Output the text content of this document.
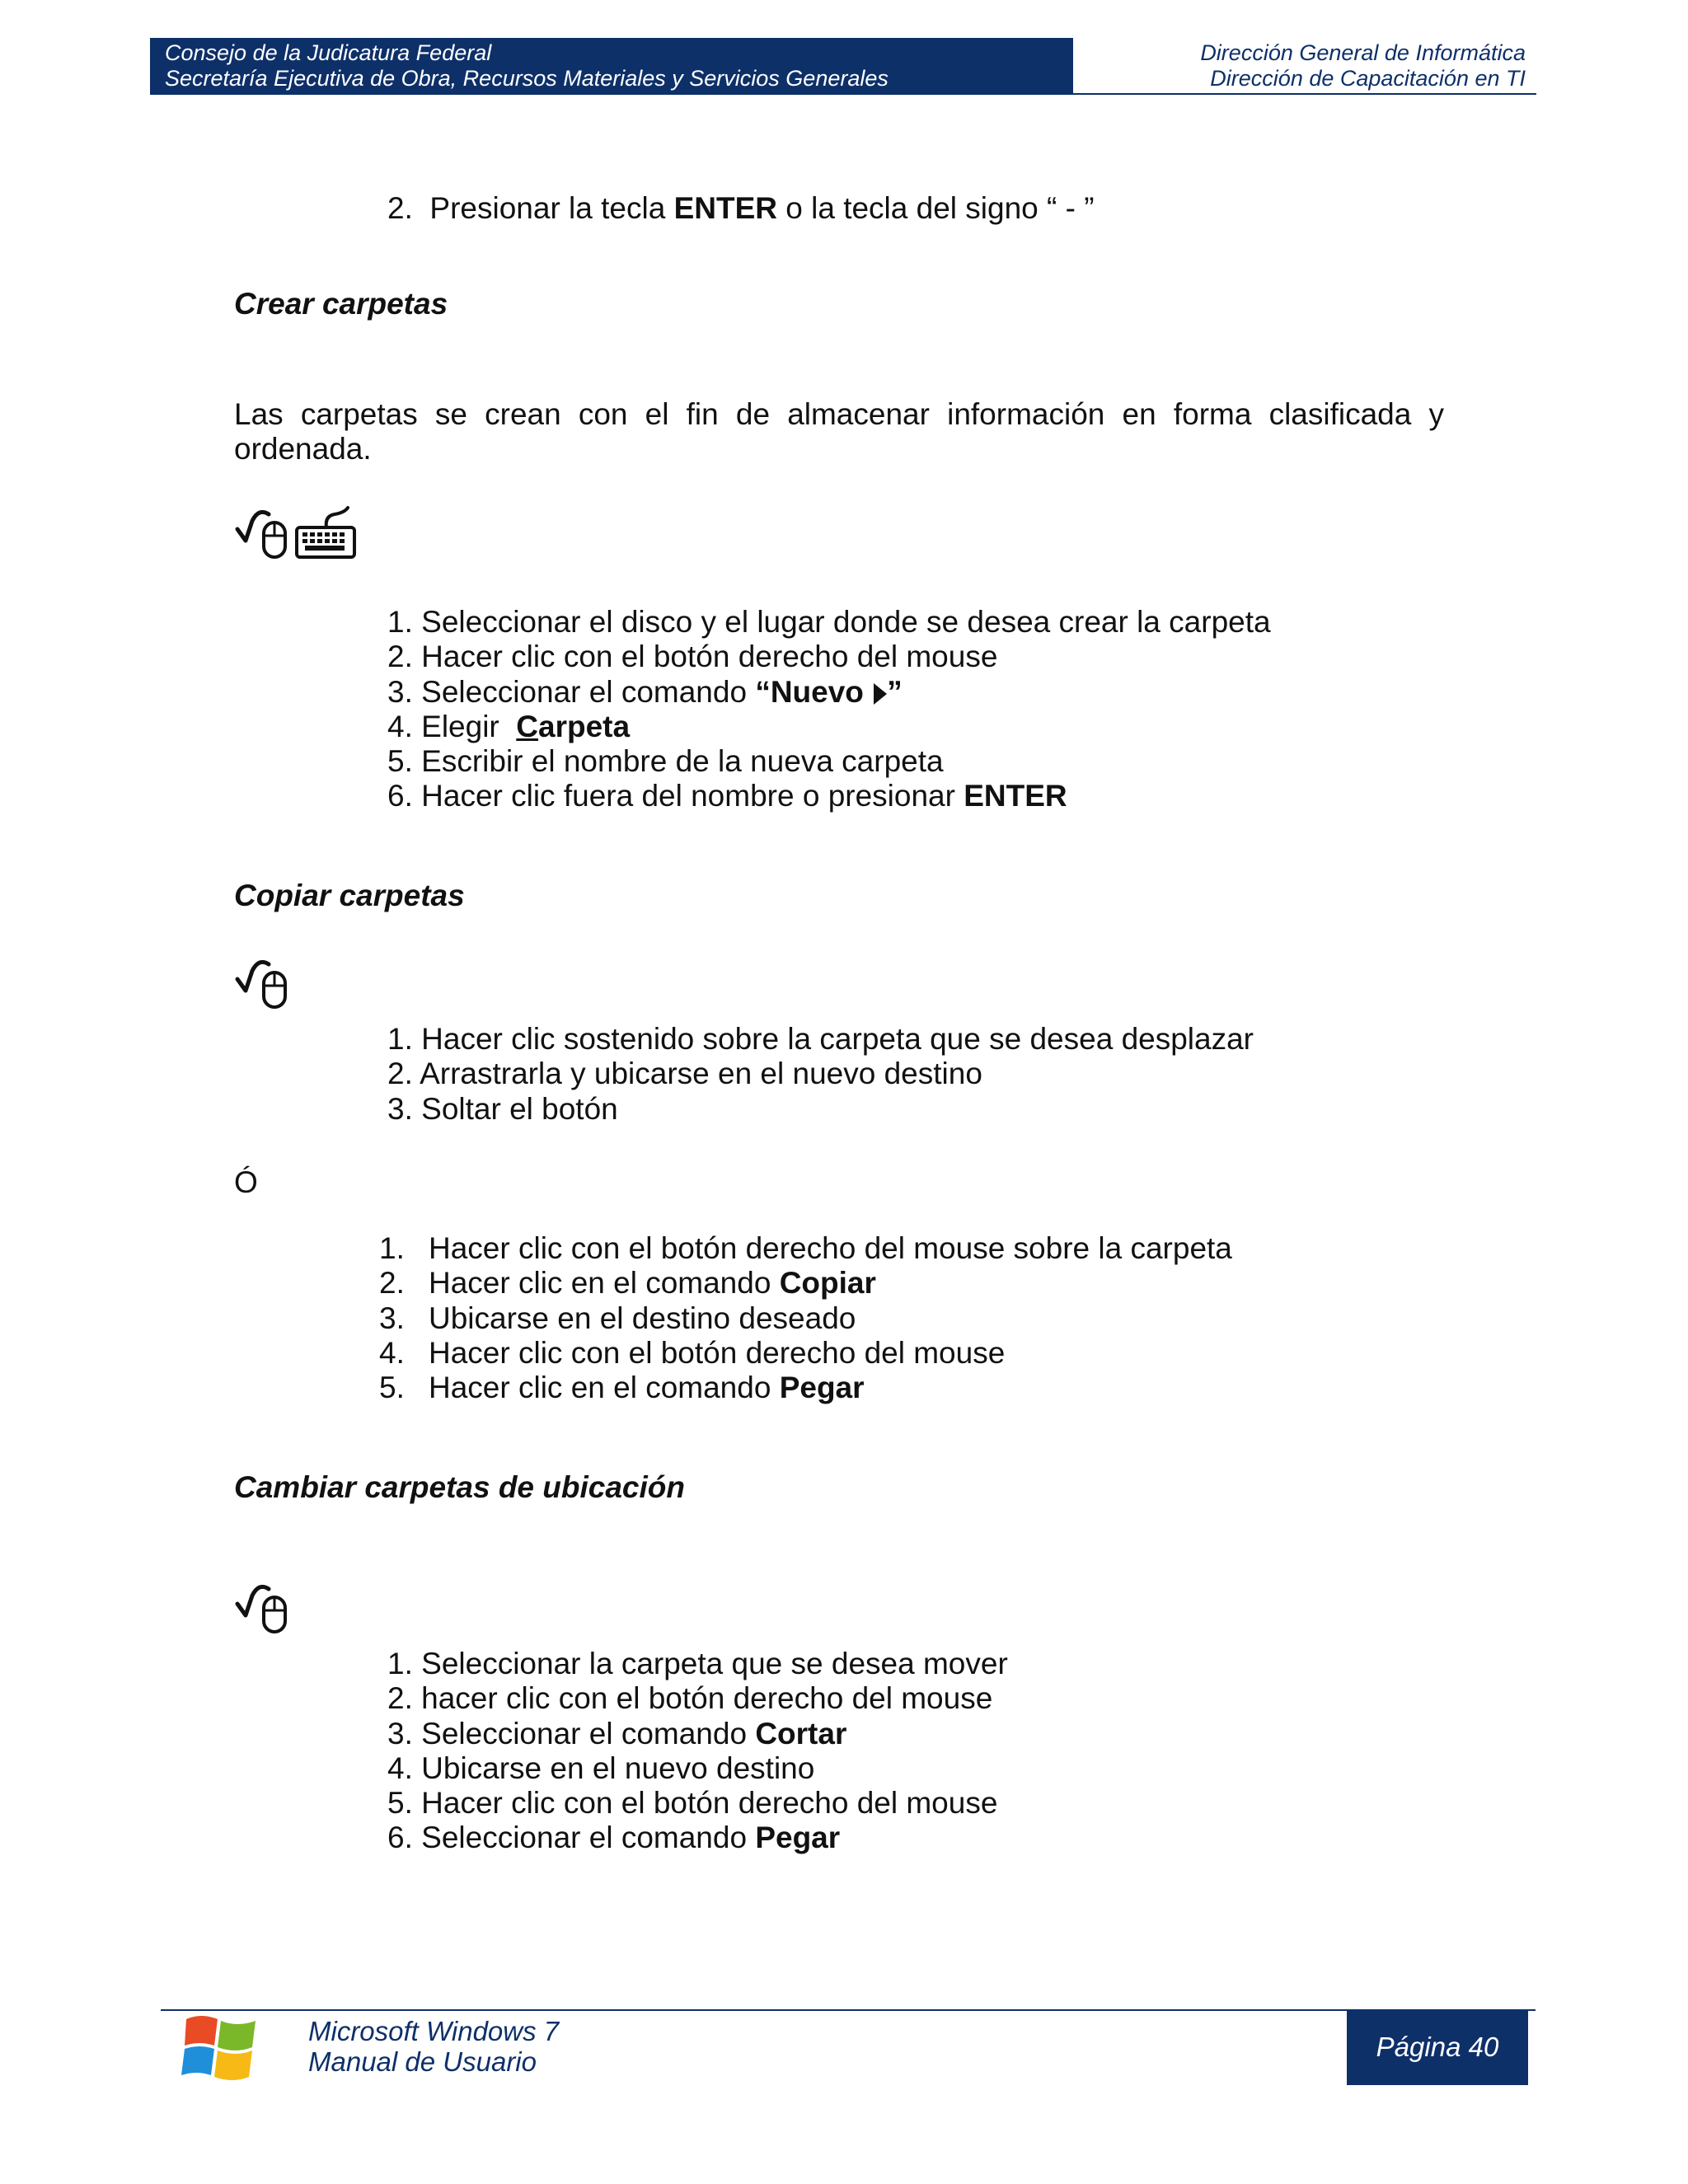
Consejo de la Judicatura Federal
Secretaría Ejecutiva de Obra, Recursos Materiales y Servicios Generales
Dirección General de Informática
Dirección de Capacitación en TI
2. Presionar la tecla ENTER o la tecla del signo “ - ”
Crear carpetas
Las carpetas se crean con el fin de almacenar información en forma clasificada y ordenada.
1. Seleccionar el disco y el lugar donde se desea crear la carpeta
2. Hacer clic con el botón derecho del mouse
3. Seleccionar el comando “Nuevo ”
4. Elegir  Carpeta
5. Escribir el nombre de la nueva carpeta
6. Hacer clic fuera del nombre o presionar ENTER
Copiar carpetas
1. Hacer clic sostenido sobre la carpeta que se desea desplazar
2. Arrastrarla y ubicarse en el nuevo destino
3. Soltar el botón
Ó
1. Hacer clic con el botón derecho del mouse sobre la carpeta
2. Hacer clic en el comando Copiar
3. Ubicarse en el destino deseado
4. Hacer clic con el botón derecho del mouse
5. Hacer clic en el comando Pegar
Cambiar carpetas de ubicación
1. Seleccionar la carpeta que se desea mover
2. hacer clic con el botón derecho del mouse
3. Seleccionar el comando Cortar
4. Ubicarse en el nuevo destino
5. Hacer clic con el botón derecho del mouse
6. Seleccionar el comando Pegar
Microsoft Windows 7
Manual de Usuario	Página 40
